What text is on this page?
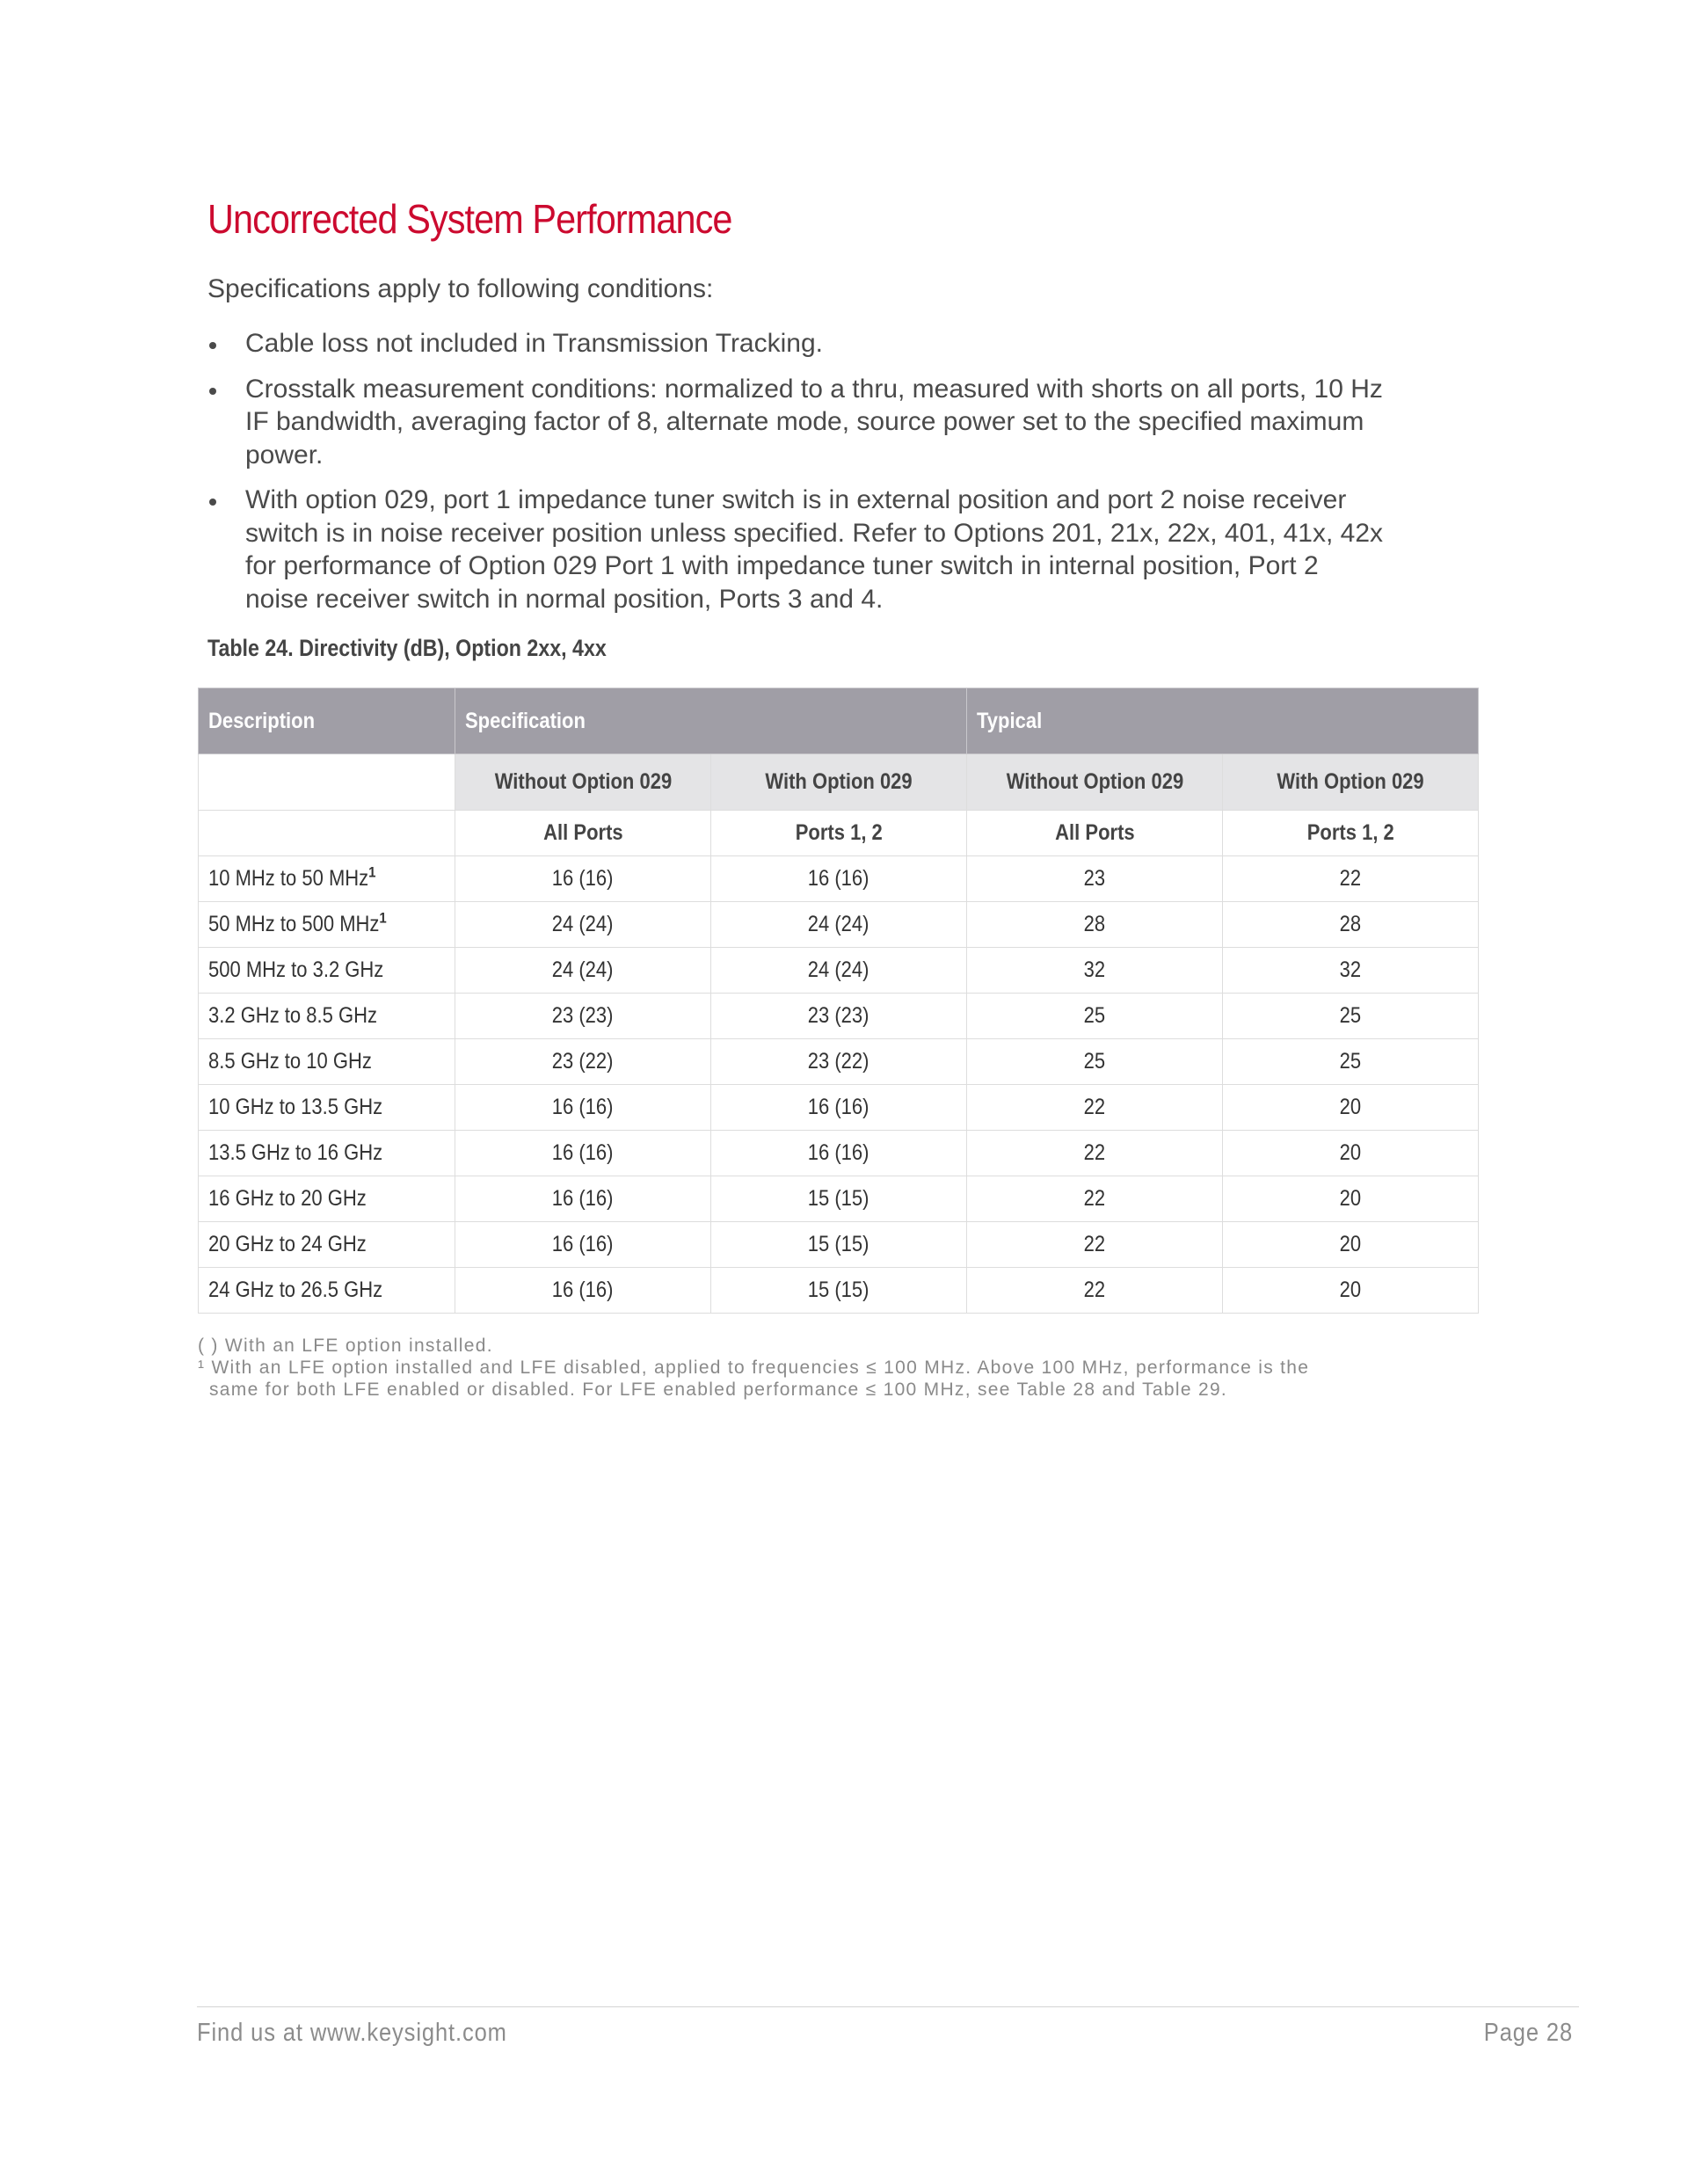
Uncorrected System Performance

Specifications apply to following conditions:

Cable loss not included in Transmission Tracking.
Crosstalk measurement conditions: normalized to a thru, measured with shorts on all ports, 10 Hz IF bandwidth, averaging factor of 8, alternate mode, source power set to the specified maximum power.
With option 029, port 1 impedance tuner switch is in external position and port 2 noise receiver switch is in noise receiver position unless specified. Refer to Options 201, 21x, 22x, 401, 41x, 42x for performance of Option 029 Port 1 with impedance tuner switch in internal position, Port 2 noise receiver switch in normal position, Ports 3 and 4.

Table 24. Directivity (dB), Option 2xx, 4xx

Description	Specification		Typical	
	Without Option 029	With Option 029	Without Option 029	With Option 029
	All Ports	Ports 1, 2	All Ports	Ports 1, 2
10 MHz to 50 MHz$^1$	16 (16)	16 (16)	23	22
50 MHz to 500 MHz$^1$	24 (24)	24 (24)	28	28
500 MHz to 3.2 GHz	24 (24)	24 (24)	32	32
3.2 GHz to 8.5 GHz	23 (23)	23 (23)	25	25
8.5 GHz to 10 GHz	23 (22)	23 (22)	25	25
10 GHz to 13.5 GHz	16 (16)	16 (16)	22	20
13.5 GHz to 16 GHz	16 (16)	16 (16)	22	20
16 GHz to 20 GHz	16 (16)	15 (15)	22	20
20 GHz to 24 GHz	16 (16)	15 (15)	22	20
24 GHz to 26.5 GHz	16 (16)	15 (15)	22	20

( ) With an LFE option installed.

¹ With an LFE option installed and LFE disabled, applied to frequencies ≤ 100 MHz. Above 100 MHz, performance is the

same for both LFE enabled or disabled. For LFE enabled performance ≤ 100 MHz, see Table 28 and Table 29.

Find us at www.keysight.com	Page 28
